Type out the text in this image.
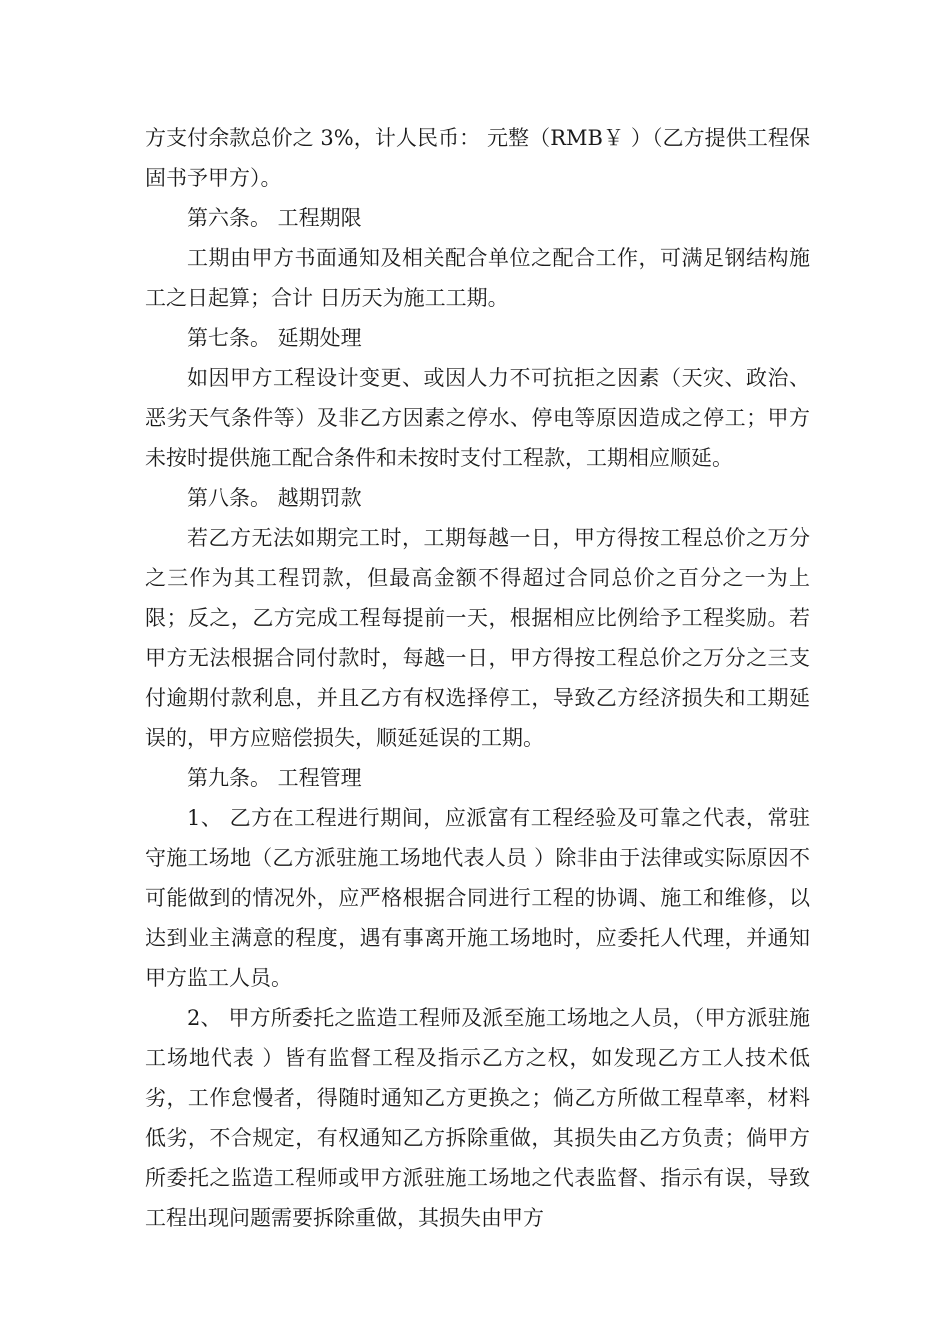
方支付余款总价之 3%，计人民币： 元整（RMB￥ ）（乙方提供工程保固书予甲方）。

第六条。 工程期限

工期由甲方书面通知及相关配合单位之配合工作，可满足钢结构施工之日起算；合计 日历天为施工工期。

第七条。 延期处理

如因甲方工程设计变更、或因人力不可抗拒之因素（天灾、政治、恶劣天气条件等）及非乙方因素之停水、停电等原因造成之停工；甲方未按时提供施工配合条件和未按时支付工程款，工期相应顺延。

第八条。 越期罚款

若乙方无法如期完工时，工期每越一日，甲方得按工程总价之万分之三作为其工程罚款，但最高金额不得超过合同总价之百分之一为上限；反之，乙方完成工程每提前一天，根据相应比例给予工程奖励。若甲方无法根据合同付款时，每越一日，甲方得按工程总价之万分之三支付逾期付款利息，并且乙方有权选择停工，导致乙方经济损失和工期延误的，甲方应赔偿损失，顺延延误的工期。

第九条。 工程管理

1、 乙方在工程进行期间，应派富有工程经验及可靠之代表，常驻守施工场地（乙方派驻施工场地代表人员 ）除非由于法律或实际原因不可能做到的情况外，应严格根据合同进行工程的协调、施工和维修，以达到业主满意的程度，遇有事离开施工场地时，应委托人代理，并通知甲方监工人员。

2、 甲方所委托之监造工程师及派至施工场地之人员，（甲方派驻施工场地代表 ）皆有监督工程及指示乙方之权，如发现乙方工人技术低劣，工作怠慢者，得随时通知乙方更换之；倘乙方所做工程草率，材料低劣，不合规定，有权通知乙方拆除重做，其损失由乙方负责；倘甲方所委托之监造工程师或甲方派驻施工场地之代表监督、指示有误，导致工程出现问题需要拆除重做，其损失由甲方
